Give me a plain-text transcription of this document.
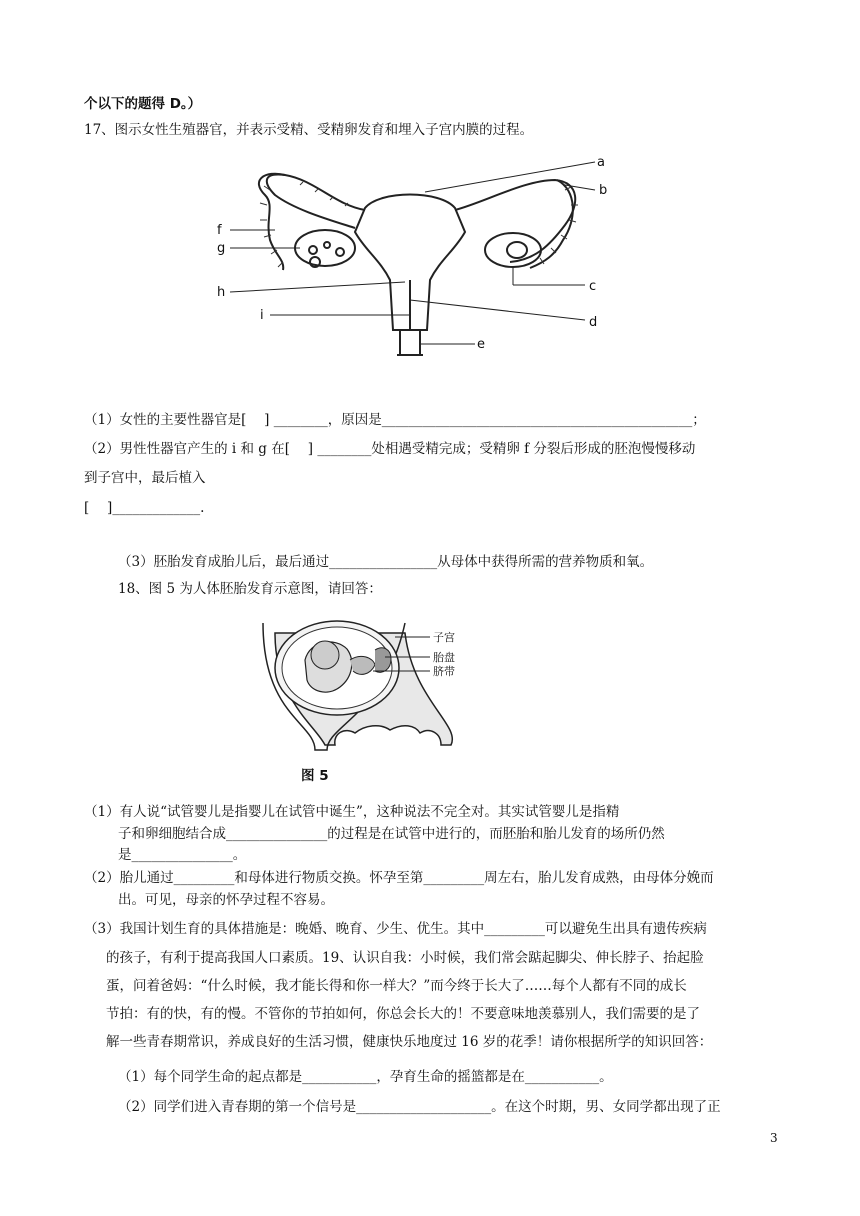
个以下的题得 D。）
17、图示女性生殖器官，并表示受精、受精卵发育和埋入子宫内膜的过程。
a
b
c
d
e
f
g
h
i
（1）女性的主要性器官是[　 ] ________，原因是______________________________________________；
（2）男性性器官产生的 i 和 g 在[　 ] ________处相遇受精完成；受精卵 f 分裂后形成的胚泡慢慢移动
到子宫中，最后植入
[　 ]_____________.
（3）胚胎发育成胎儿后，最后通过________________从母体中获得所需的营养物质和氧。
18、图 5 为人体胚胎发育示意图，请回答：
子宫
胎盘
脐带
图 5
（1）有人说“试管婴儿是指婴儿在试管中诞生”，这种说法不完全对。其实试管婴儿是指精
子和卵细胞结合成_______________的过程是在试管中进行的，而胚胎和胎儿发育的场所仍然
是_______________。
（2）胎儿通过_________和母体进行物质交换。怀孕至第_________周左右，胎儿发育成熟，由母体分娩而
出。可见，母亲的怀孕过程不容易。
（3）我国计划生育的具体措施是：晚婚、晚育、少生、优生。其中_________可以避免生出具有遗传疾病
的孩子，有利于提高我国人口素质。19、认识自我：小时候，我们常会踮起脚尖、伸长脖子、抬起脸
蛋，问着爸妈：“什么时候，我才能长得和你一样大？”而今终于长大了……每个人都有不同的成长
节拍：有的快，有的慢。不管你的节拍如何，你总会长大的！不要意味地羡慕别人，我们需要的是了
解一些青春期常识，养成良好的生活习惯，健康快乐地度过 16 岁的花季！请你根据所学的知识回答：
（1）每个同学生命的起点都是___________，孕育生命的摇篮都是在___________。
（2）同学们进入青春期的第一个信号是____________________。在这个时期，男、女同学都出现了正
3
